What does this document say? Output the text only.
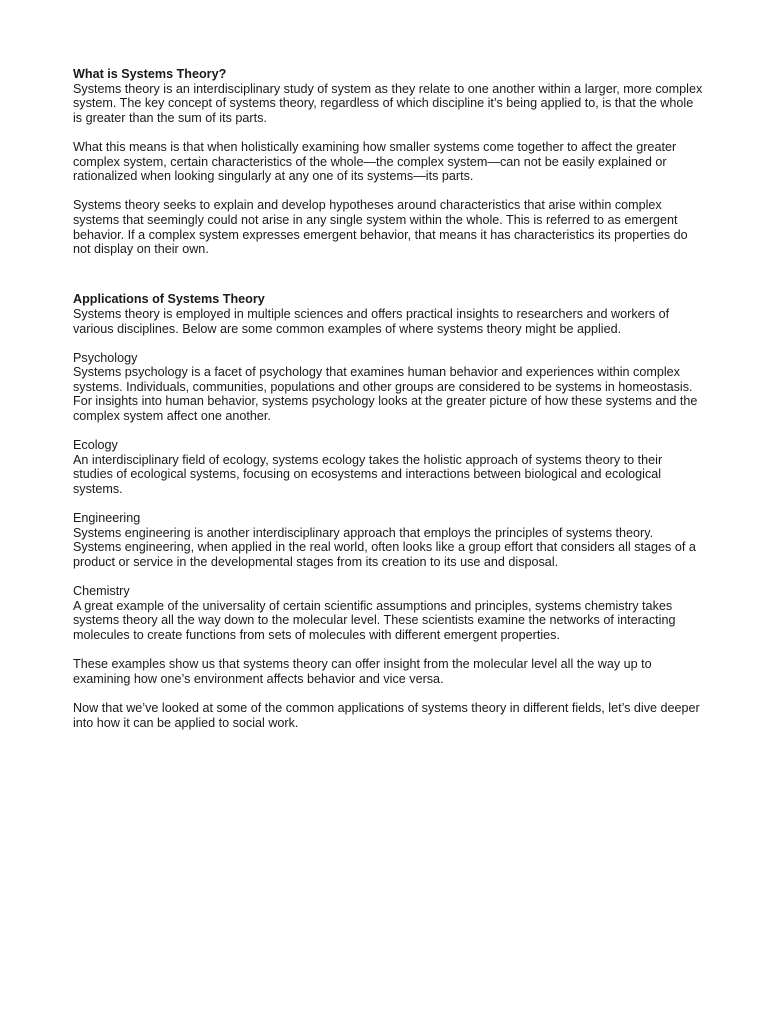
What is Systems Theory?

Systems theory is an interdisciplinary study of system as they relate to one another within a larger, more complex system. The key concept of systems theory, regardless of which discipline it’s being applied to, is that the whole is greater than the sum of its parts.

What this means is that when holistically examining how smaller systems come together to affect the greater complex system, certain characteristics of the whole—the complex system—can not be easily explained or rationalized when looking singularly at any one of its systems—its parts.

Systems theory seeks to explain and develop hypotheses around characteristics that arise within complex systems that seemingly could not arise in any single system within the whole. This is referred to as emergent behavior. If a complex system expresses emergent behavior, that means it has characteristics its properties do not display on their own.

Applications of Systems Theory

Systems theory is employed in multiple sciences and offers practical insights to researchers and workers of various disciplines. Below are some common examples of where systems theory might be applied.

Psychology

Systems psychology is a facet of psychology that examines human behavior and experiences within complex systems. Individuals, communities, populations and other groups are considered to be systems in homeostasis. For insights into human behavior, systems psychology looks at the greater picture of how these systems and the complex system affect one another.

Ecology

An interdisciplinary field of ecology, systems ecology takes the holistic approach of systems theory to their studies of ecological systems, focusing on ecosystems and interactions between biological and ecological systems.

Engineering

Systems engineering is another interdisciplinary approach that employs the principles of systems theory. Systems engineering, when applied in the real world, often looks like a group effort that considers all stages of a product or service in the developmental stages from its creation to its use and disposal.

Chemistry

A great example of the universality of certain scientific assumptions and principles, systems chemistry takes systems theory all the way down to the molecular level. These scientists examine the networks of interacting molecules to create functions from sets of molecules with different emergent properties.

These examples show us that systems theory can offer insight from the molecular level all the way up to examining how one’s environment affects behavior and vice versa.

Now that we’ve looked at some of the common applications of systems theory in different fields, let’s dive deeper into how it can be applied to social work.
